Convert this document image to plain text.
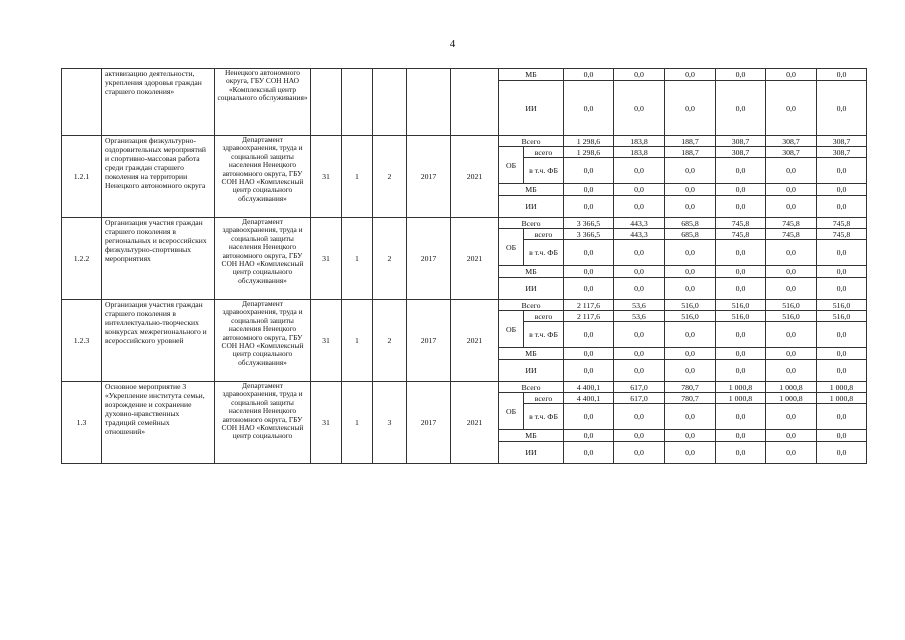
4
	активизацию деятельности, укрепления здоровья граждан старшего поколения»	Ненецкого автономного округа, ГБУ СОН НАО «Комплексный центр социального обслуживания»						МБ		0,0	0,0	0,0	0,0	0,0	0,0
								ИИ		0,0	0,0	0,0	0,0	0,0	0,0
1.2.1	Организация физкультурно-оздоровительных мероприятий и спортивно-массовая работа среди граждан старшего поколения на территории Ненецкого автономного округа	Департамент здравоохранения, труда и социальной защиты населения Ненецкого автономного округа, ГБУ СОН НАО «Комплексный центр социального обслуживания»	31	1	2	2017	2021	Всего		1 298,6	183,8	188,7	308,7	308,7	308,7
								ОБ	всего	1 298,6	183,8	188,7	308,7	308,7	308,7
									в т.ч. ФБ	0,0	0,0	0,0	0,0	0,0	0,0
								МБ		0,0	0,0	0,0	0,0	0,0	0,0
								ИИ		0,0	0,0	0,0	0,0	0,0	0,0
1.2.2	Организация участия граждан старшего поколения в региональных и всероссийских физкультурно-спортивных мероприятиях	Департамент здравоохранения, труда и социальной защиты населения Ненецкого автономного округа, ГБУ СОН НАО «Комплексный центр социального обслуживания»	31	1	2	2017	2021	Всего		3 366,5	443,3	685,8	745,8	745,8	745,8
								ОБ	всего	3 366,5	443,3	685,8	745,8	745,8	745,8
									в т.ч. ФБ	0,0	0,0	0,0	0,0	0,0	0,0
								МБ		0,0	0,0	0,0	0,0	0,0	0,0
								ИИ		0,0	0,0	0,0	0,0	0,0	0,0
1.2.3	Организация участия граждан старшего поколения в интеллектуально-творческих конкурсах межрегионального и всероссийского уровней	Департамент здравоохранения, труда и социальной защиты населения Ненецкого автономного округа, ГБУ СОН НАО «Комплексный центр социального обслуживания»	31	1	2	2017	2021	Всего		2 117,6	53,6	516,0	516,0	516,0	516,0
								ОБ	всего	2 117,6	53,6	516,0	516,0	516,0	516,0
									в т.ч. ФБ	0,0	0,0	0,0	0,0	0,0	0,0
								МБ		0,0	0,0	0,0	0,0	0,0	0,0
								ИИ		0,0	0,0	0,0	0,0	0,0	0,0
1.3	Основное мероприятие 3 «Укрепление института семьи, возрождение и сохранение духовно-нравственных традиций семейных отношений»	Департамент здравоохранения, труда и социальной защиты населения Ненецкого автономного округа, ГБУ СОН НАО «Комплексный центр социального	31	1	3	2017	2021	Всего		4 400,1	617,0	780,7	1 000,8	1 000,8	1 000,8
								ОБ	всего	4 400,1	617,0	780,7	1 000,8	1 000,8	1 000,8
									в т.ч. ФБ	0,0	0,0	0,0	0,0	0,0	0,0
								МБ		0,0	0,0	0,0	0,0	0,0	0,0
								ИИ		0,0	0,0	0,0	0,0	0,0	0,0
